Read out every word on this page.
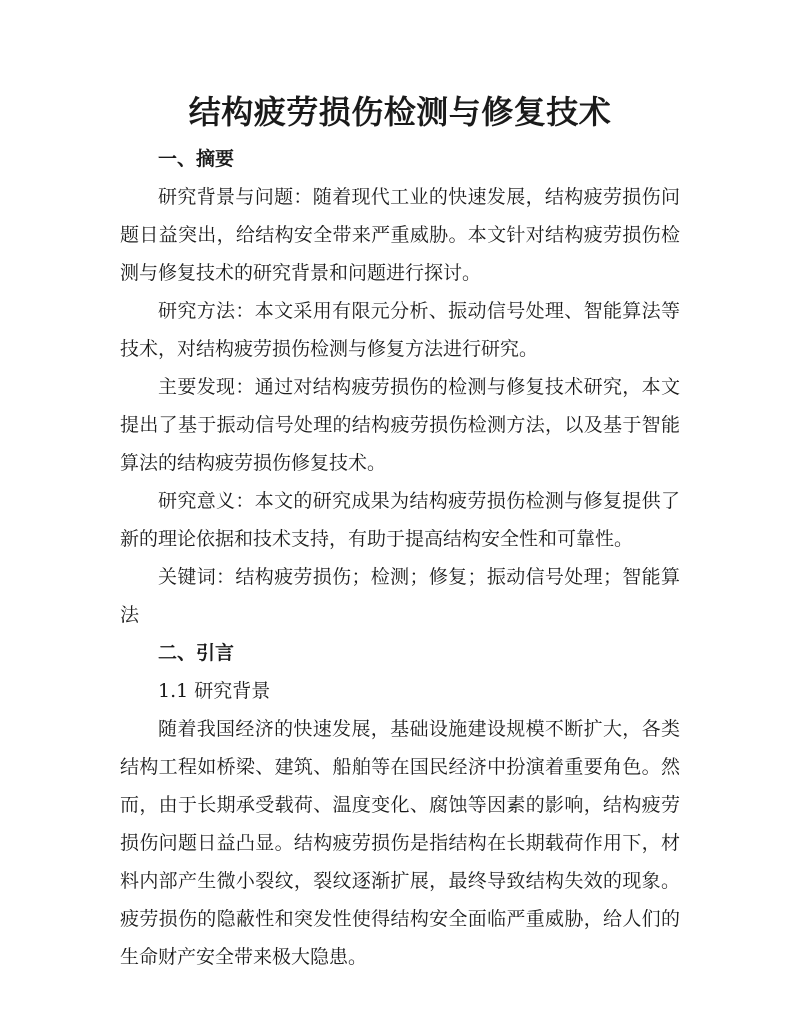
结构疲劳损伤检测与修复技术

一、摘要

研究背景与问题：随着现代工业的快速发展，结构疲劳损伤问题日益突出，给结构安全带来严重威胁。本文针对结构疲劳损伤检测与修复技术的研究背景和问题进行探讨。

研究方法：本文采用有限元分析、振动信号处理、智能算法等技术，对结构疲劳损伤检测与修复方法进行研究。

主要发现：通过对结构疲劳损伤的检测与修复技术研究，本文提出了基于振动信号处理的结构疲劳损伤检测方法，以及基于智能算法的结构疲劳损伤修复技术。

研究意义：本文的研究成果为结构疲劳损伤检测与修复提供了新的理论依据和技术支持，有助于提高结构安全性和可靠性。

关键词：结构疲劳损伤；检测；修复；振动信号处理；智能算法

二、引言

1.1 研究背景

随着我国经济的快速发展，基础设施建设规模不断扩大，各类结构工程如桥梁、建筑、船舶等在国民经济中扮演着重要角色。然而，由于长期承受载荷、温度变化、腐蚀等因素的影响，结构疲劳损伤问题日益凸显。结构疲劳损伤是指结构在长期载荷作用下，材料内部产生微小裂纹，裂纹逐渐扩展，最终导致结构失效的现象。疲劳损伤的隐蔽性和突发性使得结构安全面临严重威胁，给人们的生命财产安全带来极大隐患。
